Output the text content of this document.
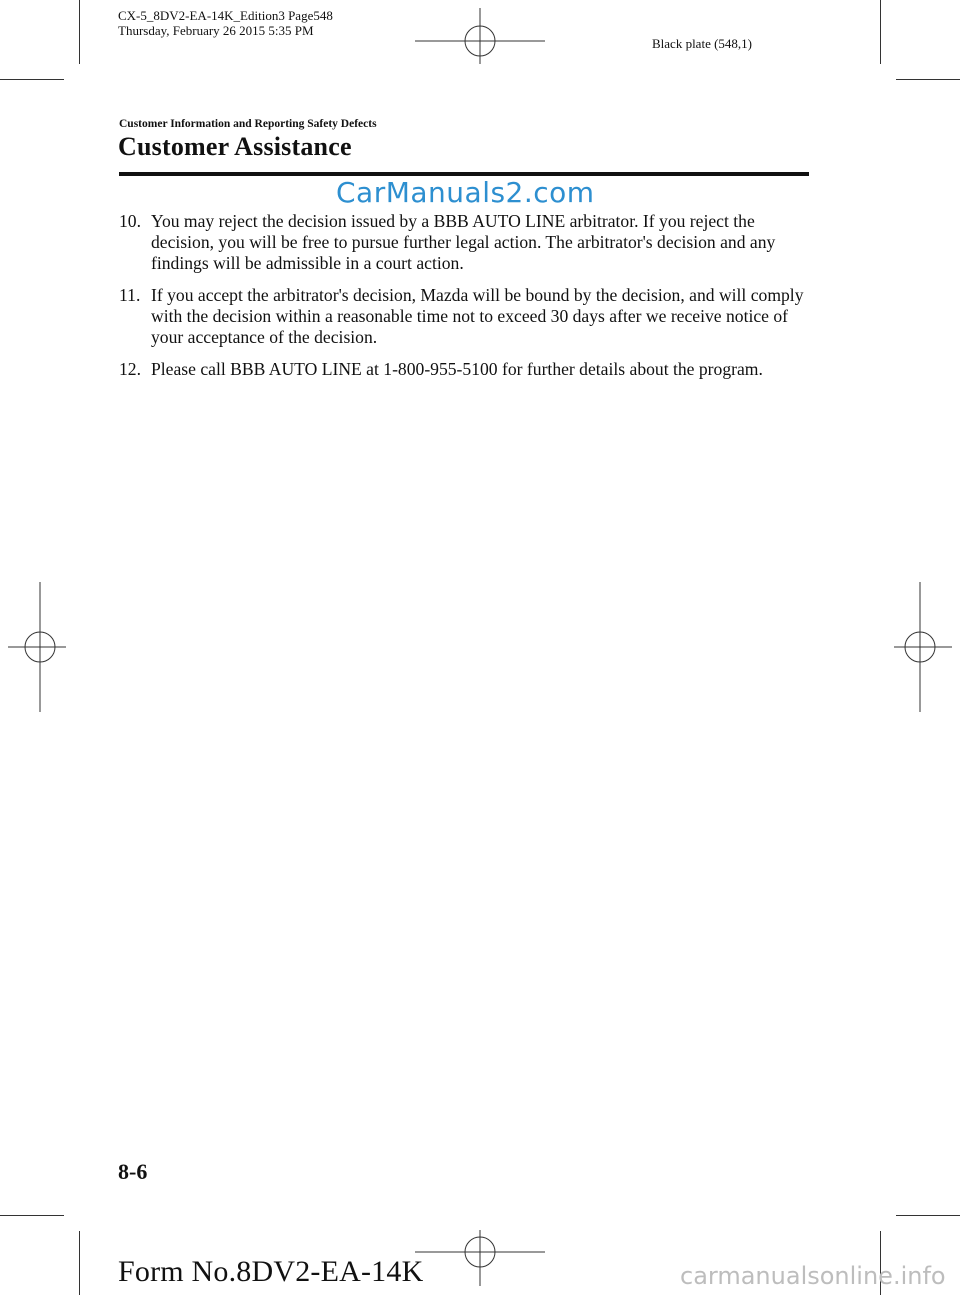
CX-5_8DV2-EA-14K_Edition3 Page548
Thursday, February 26 2015 5:35 PM
Black plate (548,1)
Customer Information and Reporting Safety Defects
Customer Assistance
CarManuals2.com
10. You may reject the decision issued by a BBB AUTO LINE arbitrator. If you reject the decision, you will be free to pursue further legal action. The arbitrator's decision and any findings will be admissible in a court action.
11. If you accept the arbitrator's decision, Mazda will be bound by the decision, and will comply with the decision within a reasonable time not to exceed 30 days after we receive notice of your acceptance of the decision.
12. Please call BBB AUTO LINE at 1-800-955-5100 for further details about the program.
8-6
Form No.8DV2-EA-14K	carmanualsonline.info
